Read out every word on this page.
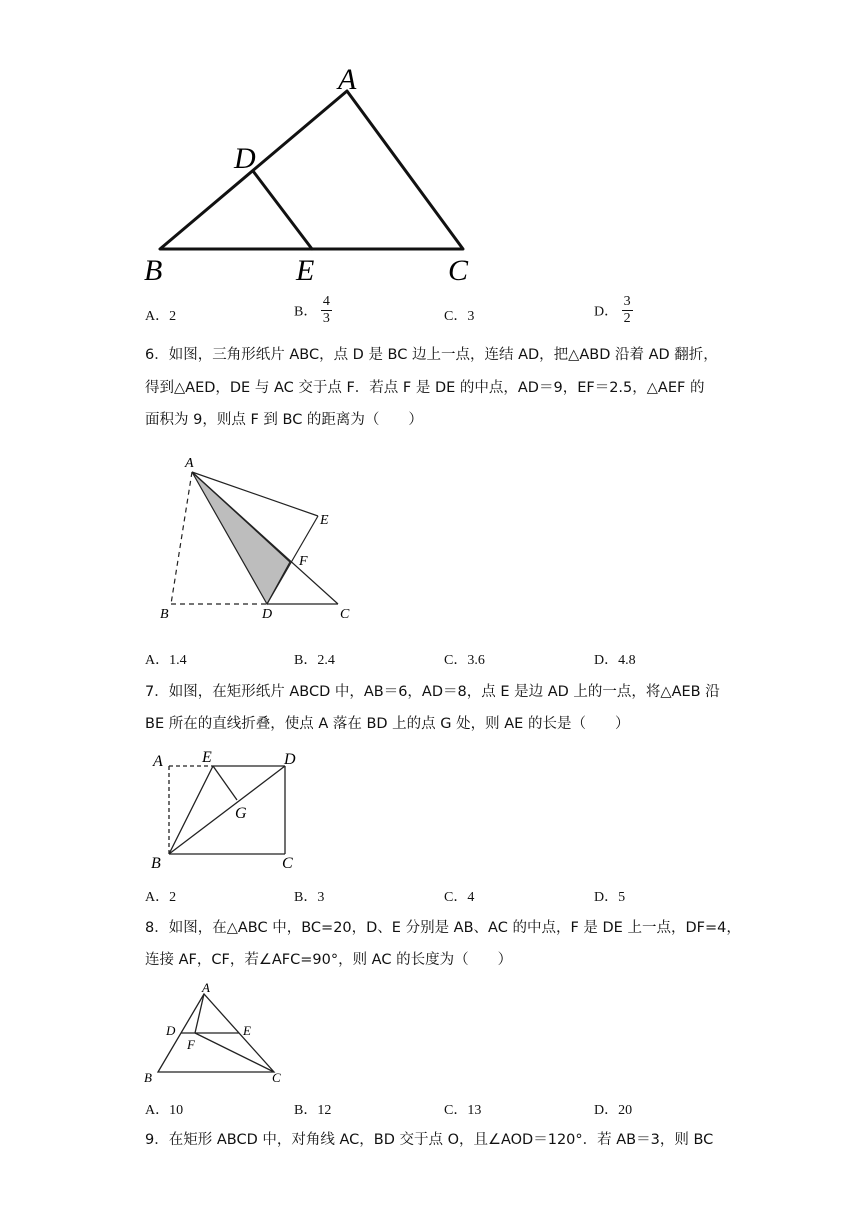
A
D
B	E	C
A．2	B． $\frac{4}{3}$	C．3	D． $\frac{3}{2}$
6．如图，三角形纸片 ABC，点 D 是 BC 边上一点，连结 AD，把△ABD 沿着 AD 翻折，
得到△AED，DE 与 AC 交于点 F．若点 F 是 DE 的中点，AD＝9，EF＝2.5，△AEF 的
面积为 9，则点 F 到 BC 的距离为（　　）
A
E
F
B	D	C
A．1.4	B．2.4	C．3.6	D．4.8
7．如图，在矩形纸片 ABCD 中，AB＝6，AD＝8，点 E 是边 AD 上的一点，将△AEB 沿
BE 所在的直线折叠，使点 A 落在 BD 上的点 G 处，则 AE 的长是（　　）
A E	D
G
B	C
A．2	B．3	C．4	D．5
8．如图，在△ABC 中，BC=20，D、E 分别是 AB、AC 的中点，F 是 DE 上一点，DF=4，
连接 AF，CF，若∠AFC=90°，则 AC 的长度为（　　）
A
D	E
F
B	C
A．10	B．12	C．13	D．20
9．在矩形 ABCD 中，对角线 AC，BD 交于点 O，且∠AOD＝120°．若 AB＝3，则 BC
